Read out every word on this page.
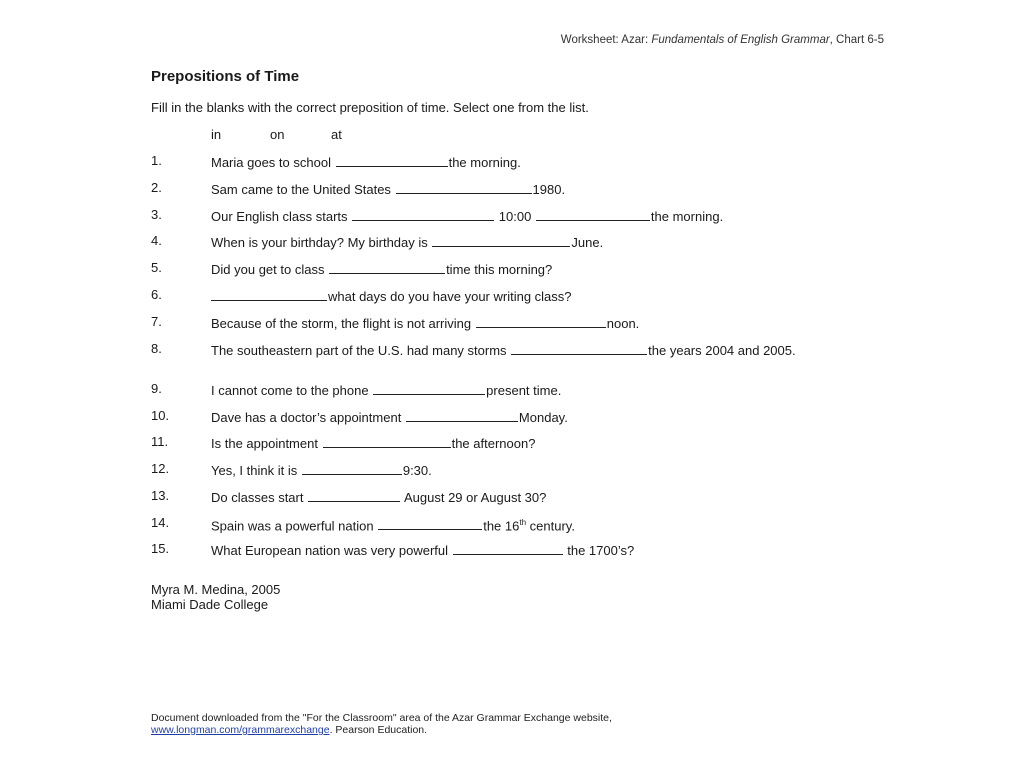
Worksheet: Azar: Fundamentals of English Grammar, Chart 6-5
Prepositions of Time
Fill in the blanks with the correct preposition of time. Select one from the list.
in	on	at
1.	Maria goes to school	the morning.
2.	Sam came to the United States	1980.
3.	Our English class starts	10:00	the morning.
4.	When is your birthday? My birthday is	June.
5.	Did you get to class	time this morning?
6.	what days do you have your writing class?
7.	Because of the storm, the flight is not arriving	noon.
8.	The southeastern part of the U.S. had many storms	the years 2004 and 2005.
9.	I cannot come to the phone	present time.
10.	Dave has a doctor’s appointment	Monday.
11.	Is the appointment	the afternoon?
12.	Yes, I think it is	9:30.
13.	Do classes start	August 29 or August 30?
14.	Spain was a powerful nation	the 16th century.
15.	What European nation was very powerful	the 1700’s?
Myra M. Medina, 2005
Miami Dade College
Document downloaded from the "For the Classroom" area of the Azar Grammar Exchange website,
www.longman.com/grammarexchange. Pearson Education.
